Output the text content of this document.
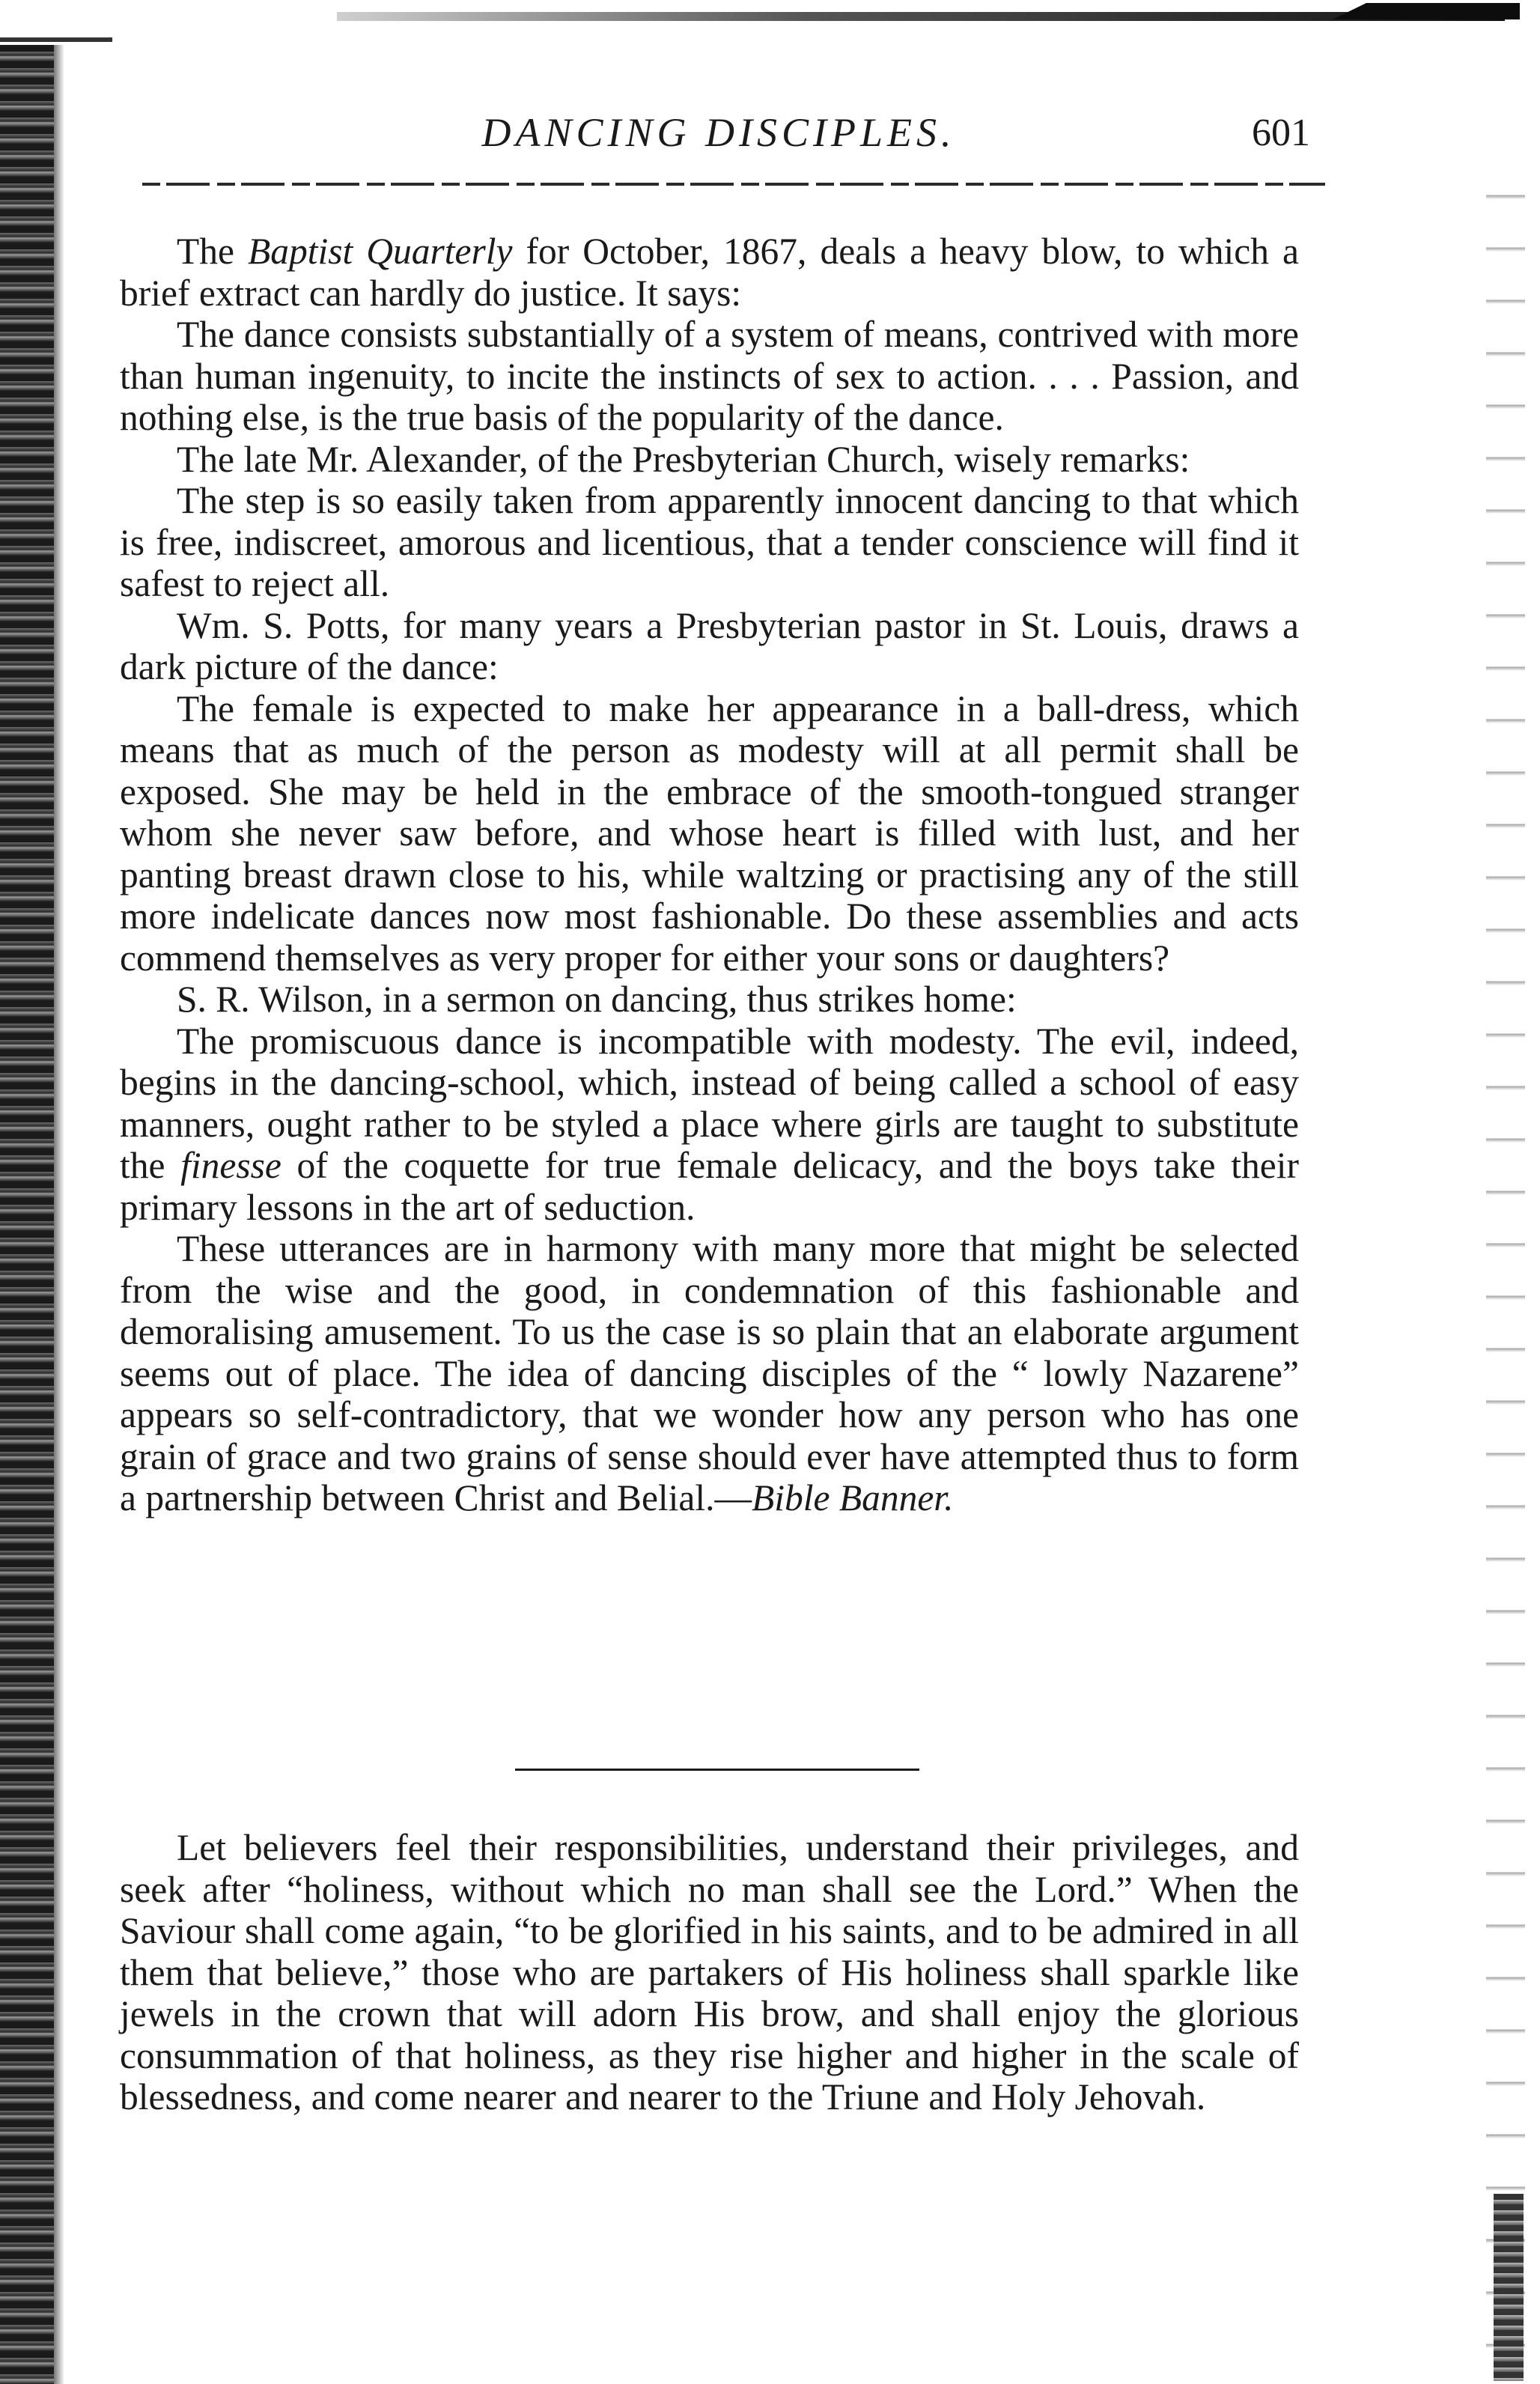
DANCING DISCIPLES.	601

The Baptist Quarterly for October, 1867, deals a heavy blow, to which a brief extract can hardly do justice. It says:

The dance consists substantially of a system of means, contrived with more than human ingenuity, to incite the instincts of sex to action. . . . Passion, and nothing else, is the true basis of the popularity of the dance.

The late Mr. Alexander, of the Presbyterian Church, wisely remarks:

The step is so easily taken from apparently innocent dancing to that which is free, indiscreet, amorous and licentious, that a tender conscience will find it safest to reject all.

Wm. S. Potts, for many years a Presbyterian pastor in St. Louis, draws a dark picture of the dance:

The female is expected to make her appearance in a ball-dress, which means that as much of the person as modesty will at all permit shall be exposed. She may be held in the embrace of the smooth-tongued stranger whom she never saw before, and whose heart is filled with lust, and her panting breast drawn close to his, while waltzing or practising any of the still more indelicate dances now most fashionable. Do these assemblies and acts commend themselves as very proper for either your sons or daughters?

S. R. Wilson, in a sermon on dancing, thus strikes home:

The promiscuous dance is incompatible with modesty. The evil, indeed, begins in the dancing-school, which, instead of being called a school of easy manners, ought rather to be styled a place where girls are taught to substitute the finesse of the coquette for true female delicacy, and the boys take their primary lessons in the art of seduction.

These utterances are in harmony with many more that might be selected from the wise and the good, in condemnation of this fashionable and demoralising amusement. To us the case is so plain that an elaborate argument seems out of place. The idea of dancing disciples of the “ lowly Nazarene” appears so self-contradictory, that we wonder how any person who has one grain of grace and two grains of sense should ever have attempted thus to form a partnership between Christ and Belial.—Bible Banner.

Let believers feel their responsibilities, understand their privileges, and seek after “holiness, without which no man shall see the Lord.” When the Saviour shall come again, “to be glorified in his saints, and to be admired in all them that believe,” those who are partakers of His holiness shall sparkle like jewels in the crown that will adorn His brow, and shall enjoy the glorious consummation of that holiness, as they rise higher and higher in the scale of blessedness, and come nearer and nearer to the Triune and Holy Jehovah.
